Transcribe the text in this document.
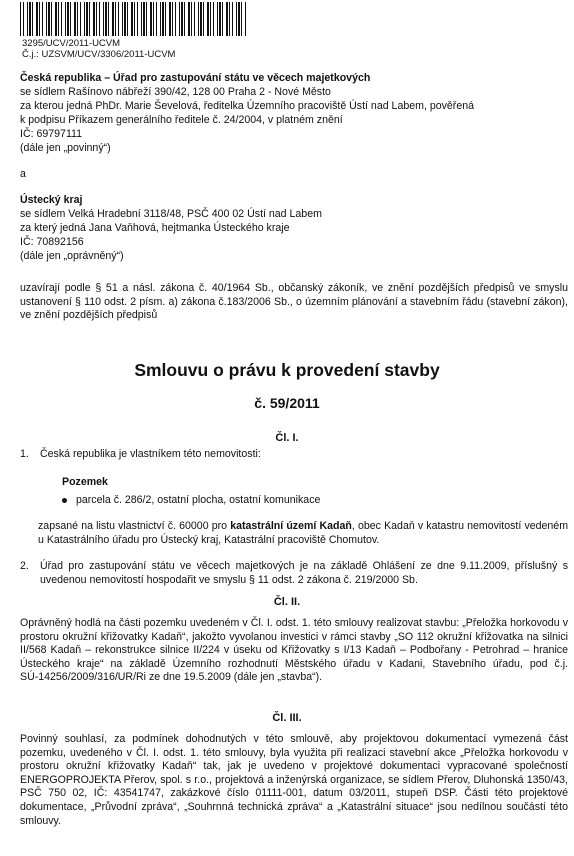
3295/UCV/2011-UCVM
Č.j.: UZSVM/UCV/3306/2011-UCVM
Česká republika – Úřad pro zastupování státu ve věcech majetkových
se sídlem Rašínovo nábřeží 390/42, 128 00 Praha 2 - Nové Město
za kterou jedná PhDr. Marie Ševelová, ředitelka Územního pracoviště Ústí nad Labem, pověřená
k podpisu Příkazem generálního ředitele č. 24/2004, v platném znění
IČ: 69797111
(dále jen „povinný“)
a
Ústecký kraj
se sídlem Velká Hradební 3118/48, PSČ 400 02 Ústí nad Labem
za který jedná Jana Vaňhová, hejtmanka Ústeckého kraje
IČ: 70892156
(dále jen „oprávněný“)
uzavírají podle § 51 a násl. zákona č. 40/1964 Sb., občanský zákoník, ve znění pozdějších předpisů ve smyslu ustanovení § 110 odst. 2 písm. a) zákona č.183/2006 Sb., o územním plánování a stavebním řádu (stavební zákon), ve znění pozdějších předpisů
Smlouvu o právu k provedení stavby
č. 59/2011
Čl. I.
1.	Česká republika je vlastníkem této nemovitosti:
Pozemek
parcela č. 286/2, ostatní plocha, ostatní komunikace
zapsané na listu vlastnictví č. 60000 pro katastrální území Kadaň, obec Kadaň v katastru nemovitostí vedeném u Katastrálního úřadu pro Ústecký kraj, Katastrální pracoviště Chomutov.
2.	Úřad pro zastupování státu ve věcech majetkových je na základě Ohlášení ze dne 9.11.2009, příslušný s uvedenou nemovitostí hospodařit ve smyslu § 11 odst. 2 zákona č. 219/2000 Sb.
Čl. II.
Oprávněný hodlá na části pozemku uvedeném v Čl. I. odst. 1. této smlouvy realizovat stavbu: „Přeložka horkovodu v prostoru okružní křižovatky Kadaň“, jakožto vyvolanou investici v rámci stavby „SO 112 okružní křižovatka na silnici II/568 Kadaň – rekonstrukce silnice II/224 v úseku od Křižovatky s I/13 Kadaň – Podbořany - Petrohrad – hranice Ústeckého kraje“ na základě Územního rozhodnutí Městského úřadu v Kadani, Stavebního úřadu, pod č.j. SÚ-14256/2009/316/UR/Ri ze dne 19.5.2009 (dále jen „stavba“).
Čl. III.
Povinný souhlasí, za podmínek dohodnutých v této smlouvě, aby projektovou dokumentací vymezená část pozemku, uvedeného v Čl. I. odst. 1. této smlouvy, byla využita při realizaci stavební akce „Přeložka horkovodu v prostoru okružní křižovatky Kadaň“ tak, jak je uvedeno v projektové dokumentaci vypracované společností ENERGOPROJEKTA Přerov, spol. s r.o., projektová a inženýrská organizace, se sídlem Přerov, Dluhonská 1350/43, PSČ 750 02, IČ: 43541747, zakázkové číslo 01111-001, datum 03/2011, stupeň DSP. Části této projektové dokumentace, „Průvodní zpráva“, „Souhrnná technická zpráva“ a „Katastrální situace“ jsou nedílnou součástí této smlouvy.
